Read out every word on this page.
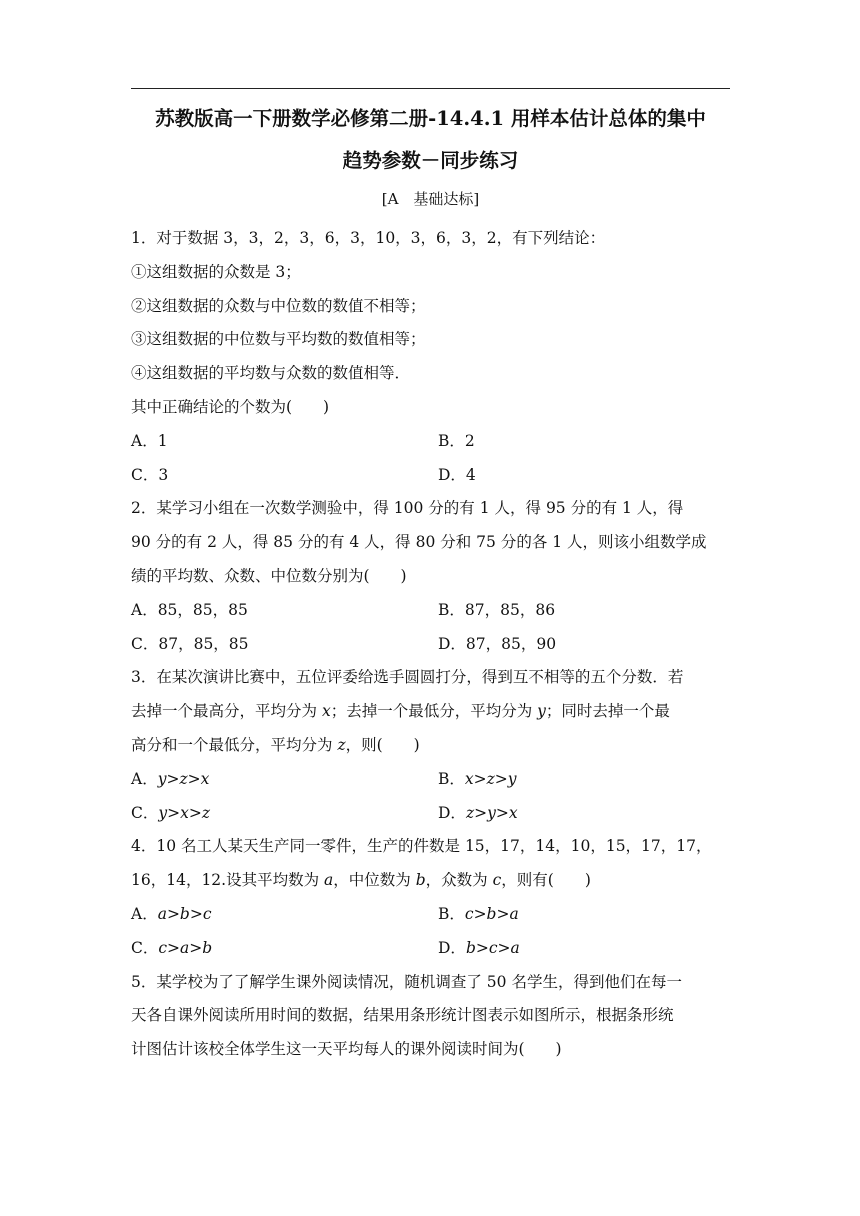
苏教版高一下册数学必修第二册-14.4.1 用样本估计总体的集中
趋势参数－同步练习
[A　基础达标]

1．对于数据 3，3，2，3，6，3，10，3，6，3，2，有下列结论：

①这组数据的众数是 3；

②这组数据的众数与中位数的数值不相等；

③这组数据的中位数与平均数的数值相等；

④这组数据的平均数与众数的数值相等．

其中正确结论的个数为(　　)

A．1	B．2
C．3	D．4

2．某学习小组在一次数学测验中，得 100 分的有 1 人，得 95 分的有 1 人，得

90 分的有 2 人，得 85 分的有 4 人，得 80 分和 75 分的各 1 人，则该小组数学成

绩的平均数、众数、中位数分别为(　　)

A．85，85，85	B．87，85，86
C．87，85，85	D．87，85，90

3．在某次演讲比赛中，五位评委给选手圆圆打分，得到互不相等的五个分数．若

去掉一个最高分，平均分为 x；去掉一个最低分，平均分为 y；同时去掉一个最

高分和一个最低分，平均分为 z，则(　　)

A．y>z>x	B．x>z>y
C．y>x>z	D．z>y>x

4．10 名工人某天生产同一零件，生产的件数是 15，17，14，10，15，17，17，

16，14，12.设其平均数为 a，中位数为 b，众数为 c，则有(　　)

A．a>b>c	B．c>b>a
C．c>a>b	D．b>c>a

5．某学校为了了解学生课外阅读情况，随机调查了 50 名学生，得到他们在每一

天各自课外阅读所用时间的数据，结果用条形统计图表示如图所示，根据条形统

计图估计该校全体学生这一天平均每人的课外阅读时间为(　　)
